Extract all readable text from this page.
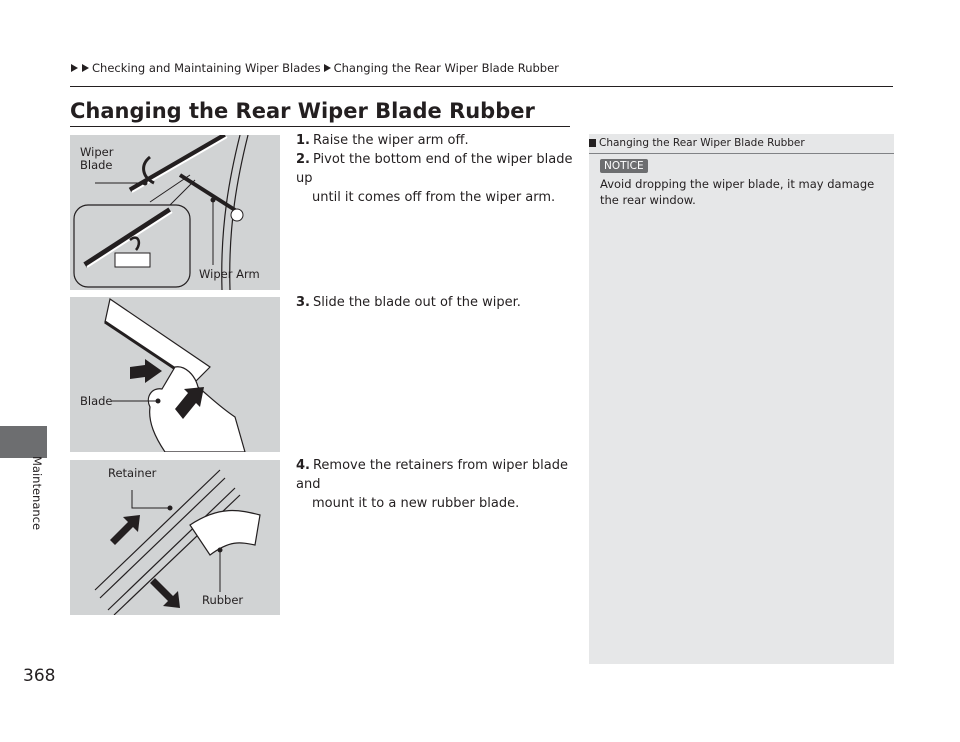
Checking and Maintaining Wiper Blades Changing the Rear Wiper Blade Rubber
Maintenance
368
Changing the Rear Wiper Blade Rubber
Wiper
Blade
Wiper Arm
Blade
Retainer
Rubber
1. Raise the wiper arm off.
2. Pivot the bottom end of the wiper blade up
until it comes off from the wiper arm.
3. Slide the blade out of the wiper.
4. Remove the retainers from wiper blade and
mount it to a new rubber blade.
Changing the Rear Wiper Blade Rubber
NOTICE
Avoid dropping the wiper blade, it may damage the rear window.
